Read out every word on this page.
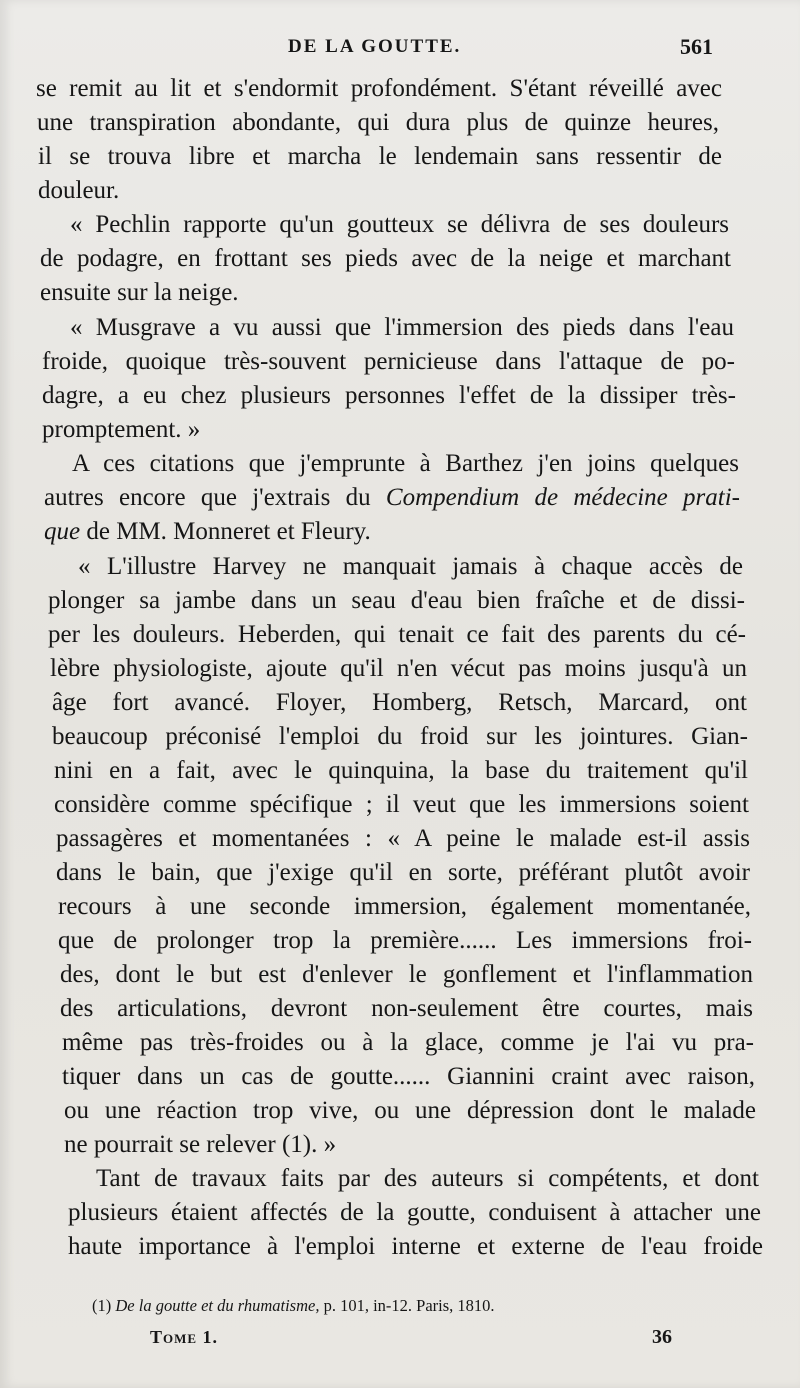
DE LA GOUTTE.	561
se remit au lit et s'endormit profondément. S'étant réveillé avec
une transpiration abondante, qui dura plus de quinze heures,
il se trouva libre et marcha le lendemain sans ressentir de
douleur.
« Pechlin rapporte qu'un goutteux se délivra de ses douleurs
de podagre, en frottant ses pieds avec de la neige et marchant
ensuite sur la neige.
« Musgrave a vu aussi que l'immersion des pieds dans l'eau
froide, quoique très-souvent pernicieuse dans l'attaque de po-
dagre, a eu chez plusieurs personnes l'effet de la dissiper très-
promptement. »
A ces citations que j'emprunte à Barthez j'en joins quelques
autres encore que j'extrais du Compendium de médecine prati-
que de MM. Monneret et Fleury.
« L'illustre Harvey ne manquait jamais à chaque accès de
plonger sa jambe dans un seau d'eau bien fraîche et de dissi-
per les douleurs. Heberden, qui tenait ce fait des parents du cé-
lèbre physiologiste, ajoute qu'il n'en vécut pas moins jusqu'à un
âge fort avancé. Floyer, Homberg, Retsch, Marcard, ont
beaucoup préconisé l'emploi du froid sur les jointures. Gian-
nini en a fait, avec le quinquina, la base du traitement qu'il
considère comme spécifique ; il veut que les immersions soient
passagères et momentanées : « A peine le malade est-il assis
dans le bain, que j'exige qu'il en sorte, préférant plutôt avoir
recours à une seconde immersion, également momentanée,
que de prolonger trop la première...... Les immersions froi-
des, dont le but est d'enlever le gonflement et l'inflammation
des articulations, devront non-seulement être courtes, mais
même pas très-froides ou à la glace, comme je l'ai vu pra-
tiquer dans un cas de goutte...... Giannini craint avec raison,
ou une réaction trop vive, ou une dépression dont le malade
ne pourrait se relever (1). »
Tant de travaux faits par des auteurs si compétents, et dont
plusieurs étaient affectés de la goutte, conduisent à attacher une
haute importance à l'emploi interne et externe de l'eau froide
(1) De la goutte et du rhumatisme, p. 101, in-12. Paris, 1810.
Tome 1.	36
